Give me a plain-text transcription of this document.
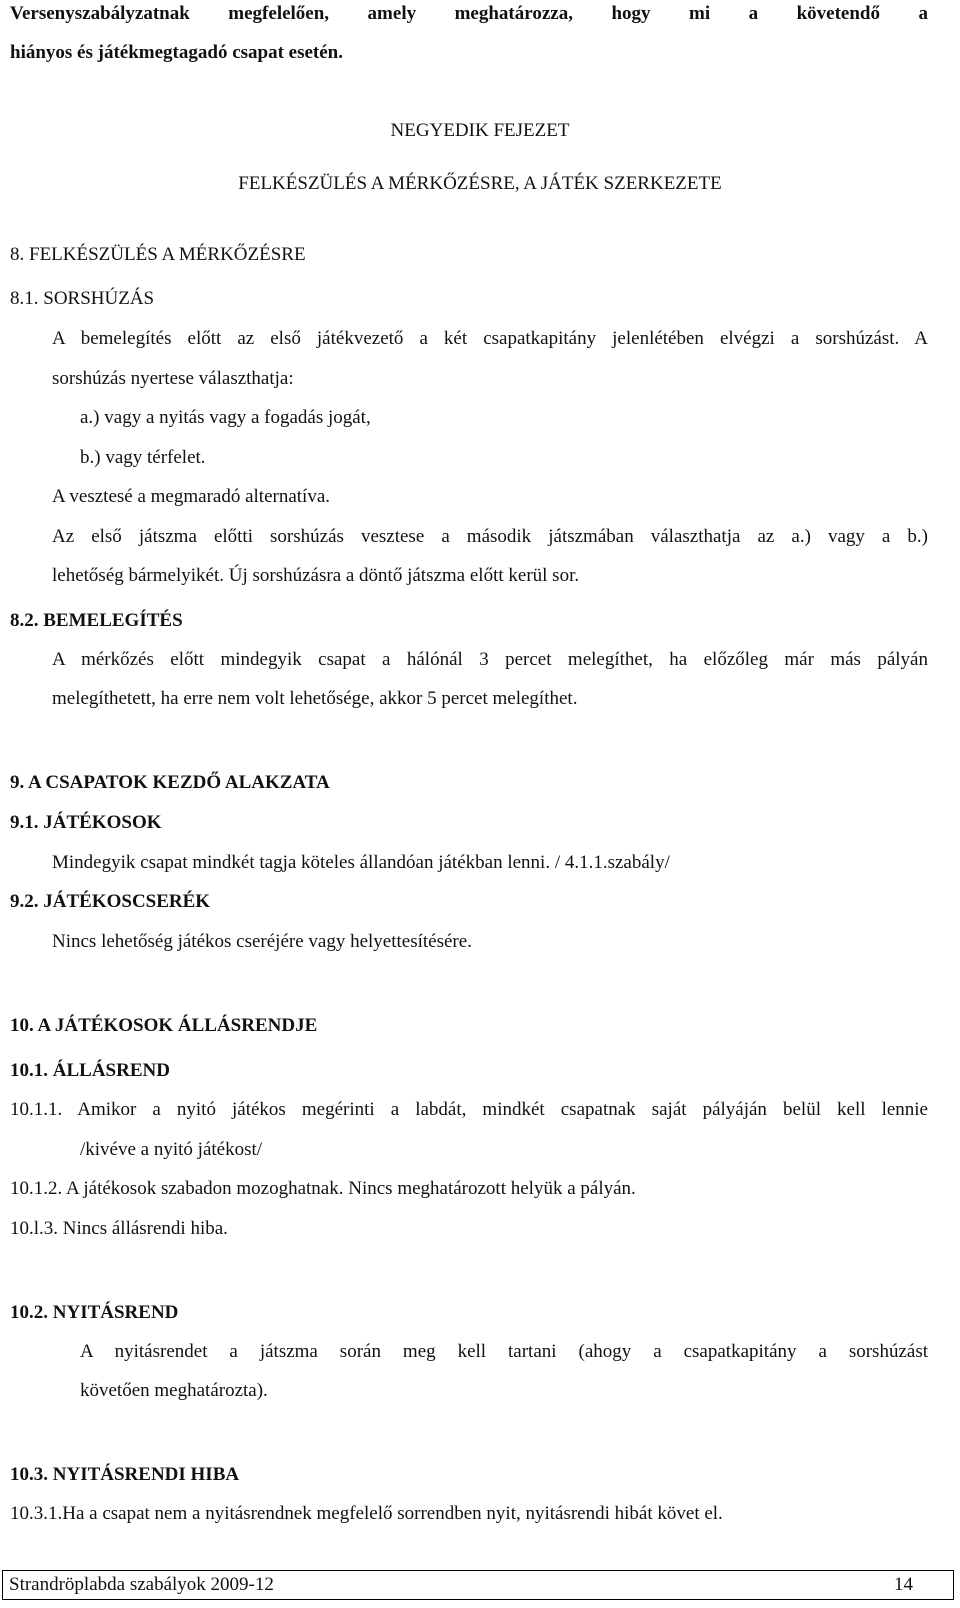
Versenyszabályzatnak megfelelően, amely meghatározza, hogy mi a követendő a
hiányos és játékmegtagadó csapat esetén.
NEGYEDIK FEJEZET
FELKÉSZÜLÉS A MÉRKŐZÉSRE, A JÁTÉK SZERKEZETE
8. FELKÉSZÜLÉS A MÉRKŐZÉSRE
8.1. SORSHÚZÁS
A bemelegítés előtt az első játékvezető a két csapatkapitány jelenlétében elvégzi a sorshúzást. A
sorshúzás nyertese választhatja:
a.) vagy a nyitás vagy a fogadás jogát,
b.) vagy térfelet.
A vesztesé a megmaradó alternatíva.
Az első játszma előtti sorshúzás vesztese a második játszmában választhatja az a.) vagy a b.)
lehetőség bármelyikét. Új sorshúzásra a döntő játszma előtt kerül sor.
8.2. BEMELEGÍTÉS
A mérkőzés előtt mindegyik csapat a hálónál 3 percet melegíthet, ha előzőleg már más pályán
melegíthetett, ha erre nem volt lehetősége, akkor 5 percet melegíthet.
9. A CSAPATOK KEZDŐ ALAKZATA
9.1. JÁTÉKOSOK
Mindegyik csapat mindkét tagja köteles állandóan játékban lenni. / 4.1.1.szabály/
9.2. JÁTÉKOSCSERÉK
Nincs lehetőség játékos cseréjére vagy helyettesítésére.
10. A JÁTÉKOSOK ÁLLÁSRENDJE
10.1. ÁLLÁSREND
10.1.1. Amikor a nyitó játékos megérinti a labdát, mindkét csapatnak saját pályáján belül kell lennie
/kivéve a nyitó játékost/
10.1.2. A játékosok szabadon mozoghatnak. Nincs meghatározott helyük a pályán.
10.l.3. Nincs állásrendi hiba.
10.2. NYITÁSREND
A nyitásrendet a játszma során meg kell tartani (ahogy a csapatkapitány a sorshúzást
követően meghatározta).
10.3. NYITÁSRENDI HIBA
10.3.1.Ha a csapat nem a nyitásrendnek megfelelő sorrendben nyit, nyitásrendi hibát követ el.
Strandröplabda szabályok 2009-12	14
